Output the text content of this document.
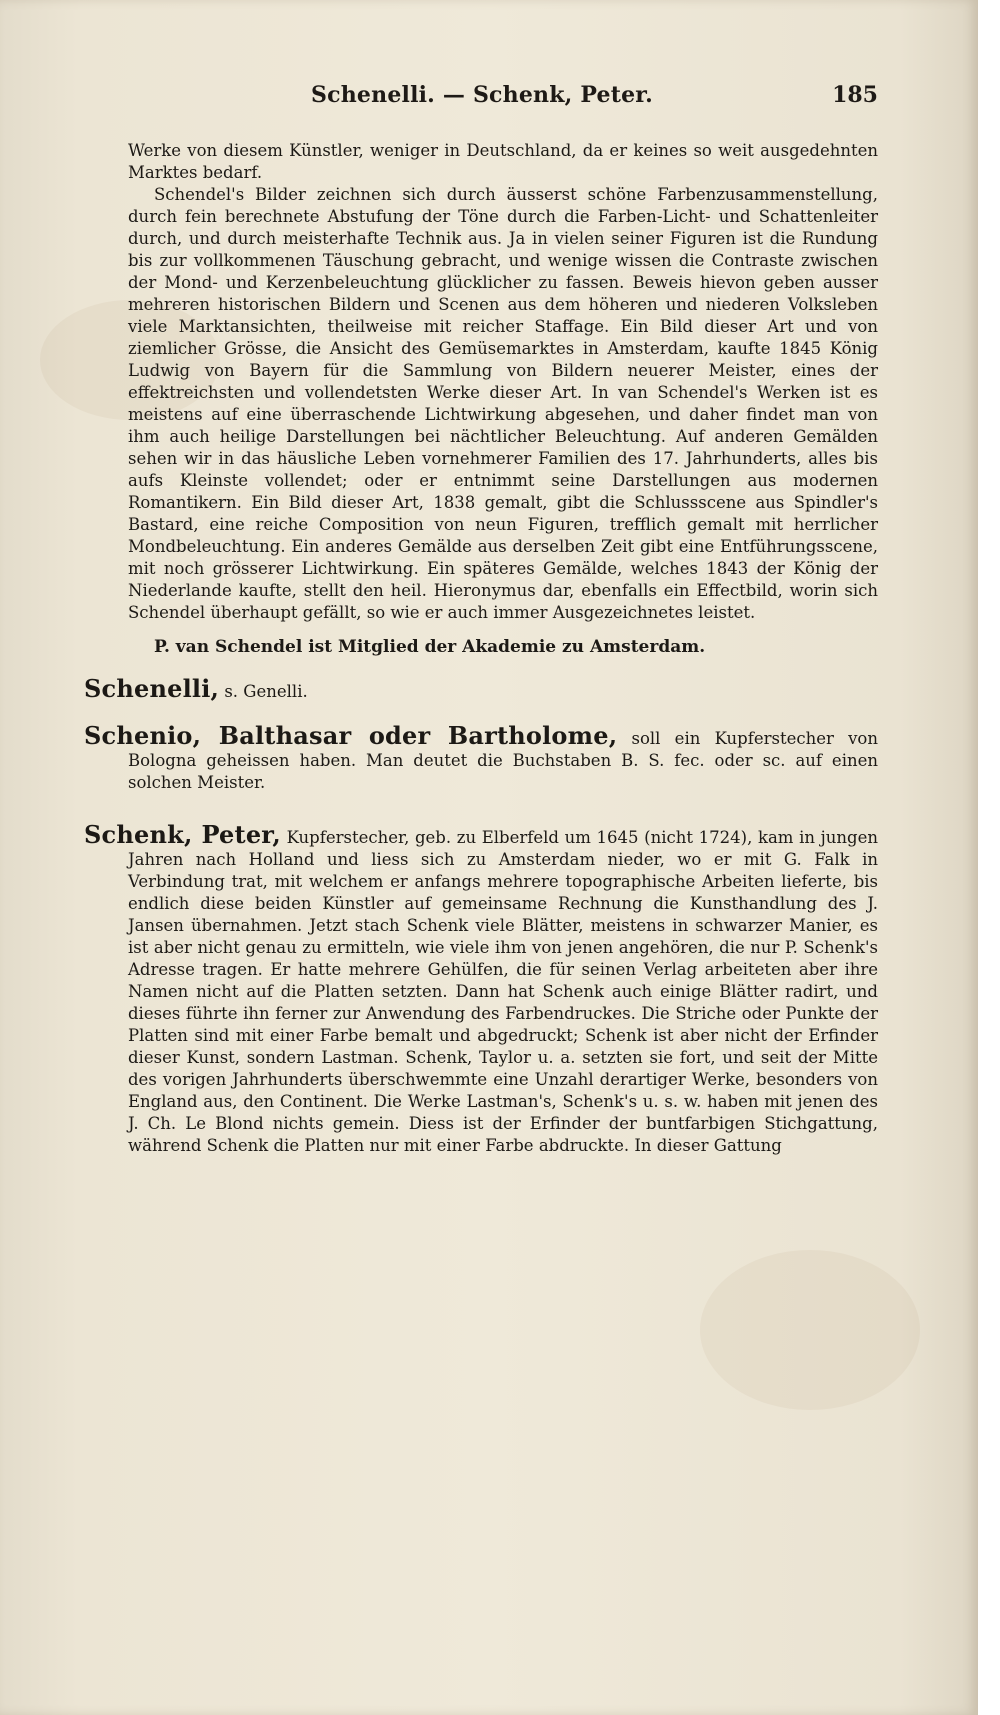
Schenelli. — Schenk, Peter.	185

Werke von diesem Künstler, weniger in Deutschland, da er keines so weit ausgedehnten Marktes bedarf.

Schendel's Bilder zeichnen sich durch äusserst schöne Farbenzusammenstellung, durch fein berechnete Abstufung der Töne durch die Farben-Licht- und Schattenleiter durch, und durch meisterhafte Technik aus. Ja in vielen seiner Figuren ist die Rundung bis zur vollkommenen Täuschung gebracht, und wenige wissen die Contraste zwischen der Mond- und Kerzenbeleuchtung glücklicher zu fassen. Beweis hievon geben ausser mehreren historischen Bildern und Scenen aus dem höheren und niederen Volksleben viele Marktansichten, theilweise mit reicher Staffage. Ein Bild dieser Art und von ziemlicher Grösse, die Ansicht des Gemüsemarktes in Amsterdam, kaufte 1845 König Ludwig von Bayern für die Sammlung von Bildern neuerer Meister, eines der effektreichsten und vollendetsten Werke dieser Art. In van Schendel's Werken ist es meistens auf eine überraschende Lichtwirkung abgesehen, und daher findet man von ihm auch heilige Darstellungen bei nächtlicher Beleuchtung. Auf anderen Gemälden sehen wir in das häusliche Leben vornehmerer Familien des 17. Jahrhunderts, alles bis aufs Kleinste vollendet; oder er entnimmt seine Darstellungen aus modernen Romantikern. Ein Bild dieser Art, 1838 gemalt, gibt die Schlussscene aus Spindler's Bastard, eine reiche Composition von neun Figuren, trefflich gemalt mit herrlicher Mondbeleuchtung. Ein anderes Gemälde aus derselben Zeit gibt eine Entführungsscene, mit noch grösserer Lichtwirkung. Ein späteres Gemälde, welches 1843 der König der Niederlande kaufte, stellt den heil. Hieronymus dar, ebenfalls ein Effectbild, worin sich Schendel überhaupt gefällt, so wie er auch immer Ausgezeichnetes leistet.

P. van Schendel ist Mitglied der Akademie zu Amsterdam.

Schenelli, s. Genelli.

Schenio, Balthasar oder Bartholome, soll ein Kupferstecher von Bologna geheissen haben. Man deutet die Buchstaben B. S. fec. oder sc. auf einen solchen Meister.

Schenk, Peter, Kupferstecher, geb. zu Elberfeld um 1645 (nicht 1724), kam in jungen Jahren nach Holland und liess sich zu Amsterdam nieder, wo er mit G. Falk in Verbindung trat, mit welchem er anfangs mehrere topographische Arbeiten lieferte, bis endlich diese beiden Künstler auf gemeinsame Rechnung die Kunsthandlung des J. Jansen übernahmen. Jetzt stach Schenk viele Blätter, meistens in schwarzer Manier, es ist aber nicht genau zu ermitteln, wie viele ihm von jenen angehören, die nur P. Schenk's Adresse tragen. Er hatte mehrere Gehülfen, die für seinen Verlag arbeiteten aber ihre Namen nicht auf die Platten setzten. Dann hat Schenk auch einige Blätter radirt, und dieses führte ihn ferner zur Anwendung des Farbendruckes. Die Striche oder Punkte der Platten sind mit einer Farbe bemalt und abgedruckt; Schenk ist aber nicht der Erfinder dieser Kunst, sondern Lastman. Schenk, Taylor u. a. setzten sie fort, und seit der Mitte des vorigen Jahrhunderts überschwemmte eine Unzahl derartiger Werke, besonders von England aus, den Continent. Die Werke Lastman's, Schenk's u. s. w. haben mit jenen des J. Ch. Le Blond nichts gemein. Diess ist der Erfinder der buntfarbigen Stichgattung, während Schenk die Platten nur mit einer Farbe abdruckte. In dieser Gattung
